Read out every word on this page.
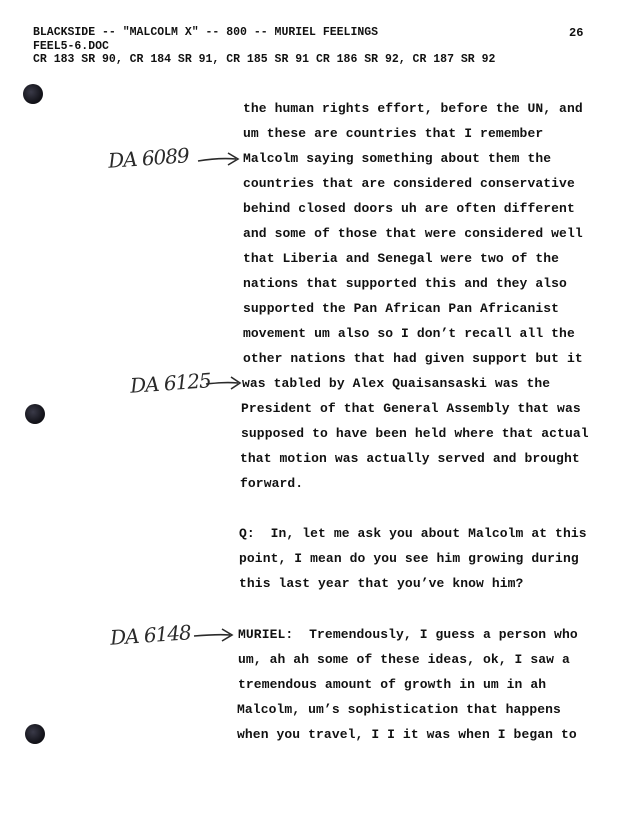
BLACKSIDE -- "MALCOLM X" -- 800 -- MURIEL FEELINGS
FEEL5-6.DOC
CR 183 SR 90, CR 184 SR 91, CR 185 SR 91 CR 186 SR 92, CR 187 SR 92
26
DA 6089
DA 6125
DA 6148
the human rights effort, before the UN, and
um these are countries that I remember
Malcolm saying something about them the
countries that are considered conservative
behind closed doors uh are often different
and some of those that were considered well
that Liberia and Senegal were two of the
nations that supported this and they also
supported the Pan African Pan Africanist
movement um also so I don’t recall all the
other nations that had given support but it
was tabled by Alex Quaisansaski was the
President of that General Assembly that was
supposed to have been held where that actual
that motion was actually served and brought
forward.
Q:  In, let me ask you about Malcolm at this
point, I mean do you see him growing during
this last year that you’ve know him?
MURIEL:  Tremendously, I guess a person who
um, ah ah some of these ideas, ok, I saw a
tremendous amount of growth in um in ah
Malcolm, um’s sophistication that happens
when you travel, I I it was when I began to
